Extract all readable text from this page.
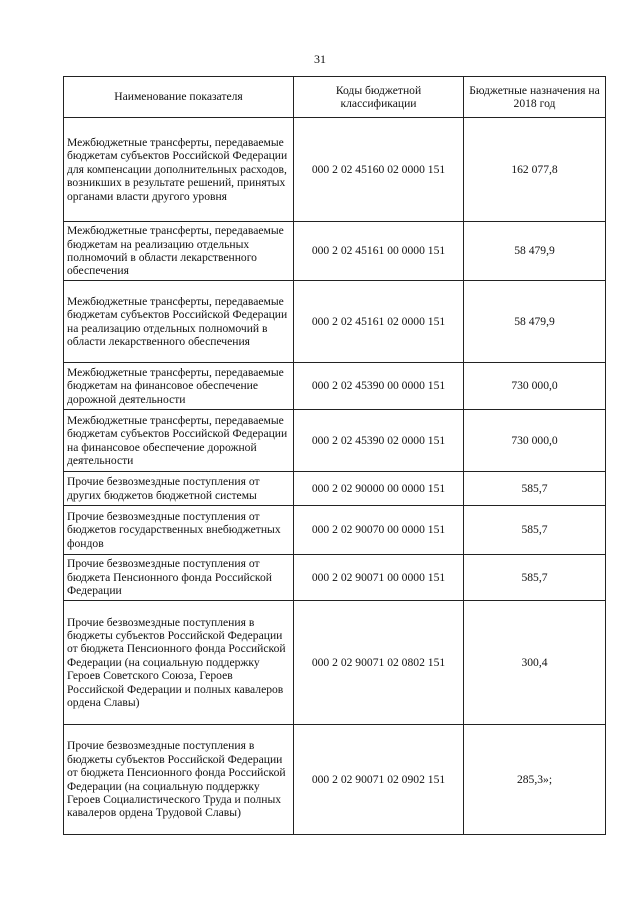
31
Наименование показателя	Коды бюджетной классификации	Бюджетные назначения на 2018 год
Межбюджетные трансферты, передаваемые бюджетам субъектов Российской Федерации для компенсации дополнительных расходов, возникших в результате решений, принятых органами власти другого уровня	000 2 02 45160 02 0000 151	162 077,8
Межбюджетные трансферты, передаваемые бюджетам на реализацию отдельных полномочий в области лекарственного обеспечения	000 2 02 45161 00 0000 151	58 479,9
Межбюджетные трансферты, передаваемые бюджетам субъектов Российской Федерации на реализацию отдельных полномочий в области лекарственного обеспечения	000 2 02 45161 02 0000 151	58 479,9
Межбюджетные трансферты, передаваемые бюджетам на финансовое обеспечение дорожной деятельности	000 2 02 45390 00 0000 151	730 000,0
Межбюджетные трансферты, передаваемые бюджетам субъектов Российской Федерации на финансовое обеспечение дорожной деятельности	000 2 02 45390 02 0000 151	730 000,0
Прочие безвозмездные поступления от других бюджетов бюджетной системы	000 2 02 90000 00 0000 151	585,7
Прочие безвозмездные поступления от бюджетов государственных внебюджетных фондов	000 2 02 90070 00 0000 151	585,7
Прочие безвозмездные поступления от бюджета Пенсионного фонда Российской Федерации	000 2 02 90071 00 0000 151	585,7
Прочие безвозмездные поступления в бюджеты субъектов Российской Федерации от бюджета Пенсионного фонда Российской Федерации (на социальную поддержку Героев Советского Союза, Героев Российской Федерации и полных кавалеров ордена Славы)	000 2 02 90071 02 0802 151	300,4
Прочие безвозмездные поступления в бюджеты субъектов Российской Федерации от бюджета Пенсионного фонда Российской Федерации (на социальную поддержку Героев Социалистического Труда и полных кавалеров ордена Трудовой Славы)	000 2 02 90071 02 0902 151	285,3»;
